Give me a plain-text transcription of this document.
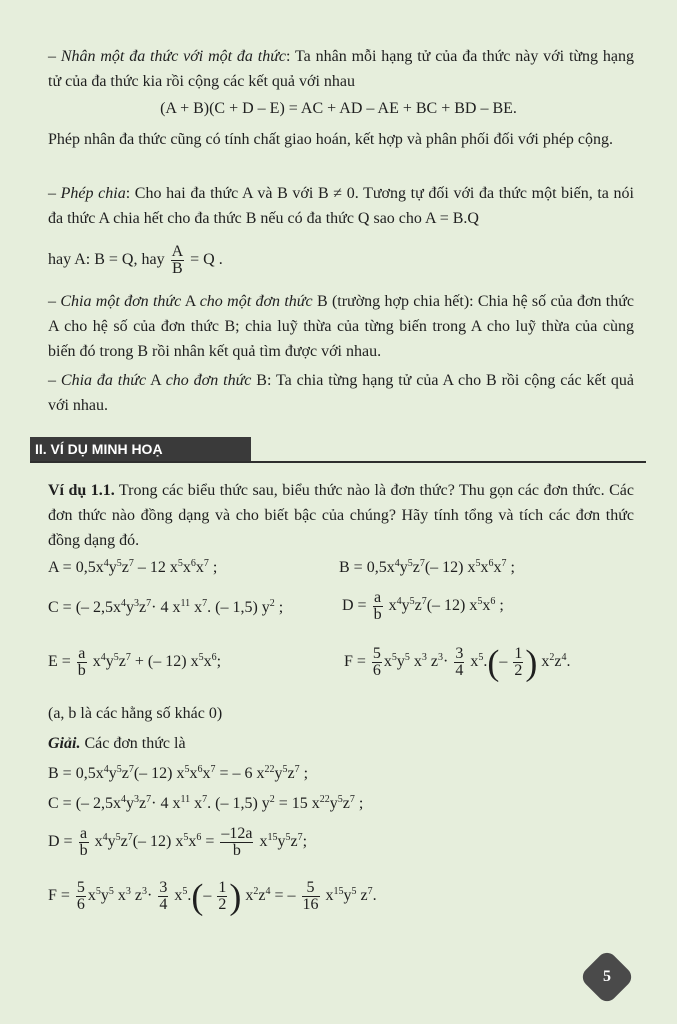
– Nhân một đa thức với một đa thức: Ta nhân mỗi hạng tử của đa thức này với từng hạng tử của đa thức kia rồi cộng các kết quả với nhau
(A + B)(C + D – E) = AC + AD – AE + BC + BD – BE.
Phép nhân đa thức cũng có tính chất giao hoán, kết hợp và phân phối đối với phép cộng.
– Phép chia: Cho hai đa thức A và B với B ≠ 0. Tương tự đối với đa thức một biến, ta nói đa thức A chia hết cho đa thức B nếu có đa thức Q sao cho A = B.Q
hay A: B = Q, hay $\frac{A}{B} = Q$ .
– Chia một đơn thức A cho một đơn thức B (trường hợp chia hết): Chia hệ số của đơn thức A cho hệ số của đơn thức B; chia luỹ thừa của từng biến trong A cho luỹ thừa của cùng biến đó trong B rồi nhân kết quả tìm được với nhau.
– Chia đa thức A cho đơn thức B: Ta chia từng hạng tử của A cho B rồi cộng các kết quả với nhau.
II. VÍ DỤ MINH HOẠ
Ví dụ 1.1. Trong các biểu thức sau, biểu thức nào là đơn thức? Thu gọn các đơn thức. Các đơn thức nào đồng dạng và cho biết bậc của chúng? Hãy tính tổng và tích các đơn thức đồng dạng đó.
$A = 0,5x^4y^5z^7 - 12$ $x^5x^6x^7$ ;	$B = 0,5x^4y^5z^7(-$ 12) $x^5x^6x^7$ ;
C = (– $2,5x^4y^3z^7\cdot 4$ $x^{11}$ $x^7$. (– 1,5) $y^2$ ;	$D = \frac{a}{b} x^4y^5z^7(-$ 12) $x^5x^6$ ;
$E = \frac{a}{b} x^4y^5z^7$ + (– 12) $x^5x^6$;	$F = \frac{5}{6} x^5y^5$ $x^3$ $z^3\cdot \frac{3}{4} x^5.(- \frac{1}{2}$ ) $x^2z^4$.
(a, b là các hằng số khác 0)
Giải. Các đơn thức là
$B = 0,5x^4y^5z^7(-$ 12) $x^5x^6x^7$ = – 6 $x^{22}y^5z^7$ ;
C = (– $2,5x^4y^3z^7\cdot 4$ $x^{11}$ $x^7$. (– 1,5) $y^2 = 15$ $x^{22}y^5z^7$ ;
$D = \frac{a}{b} x^4y^5z^7(-$ 12) $x^5x^6 = \frac{-12a}{b} x^{15}y^5z^7$;
$F = \frac{5}{6} x^5y^5$ $x^3$ $z^3\cdot \frac{3}{4} x^5.(- \frac{1}{2}$ ) $x^2z^4$ = – $\frac{5}{16} x^{15}y^5$ $z^7$.
5
